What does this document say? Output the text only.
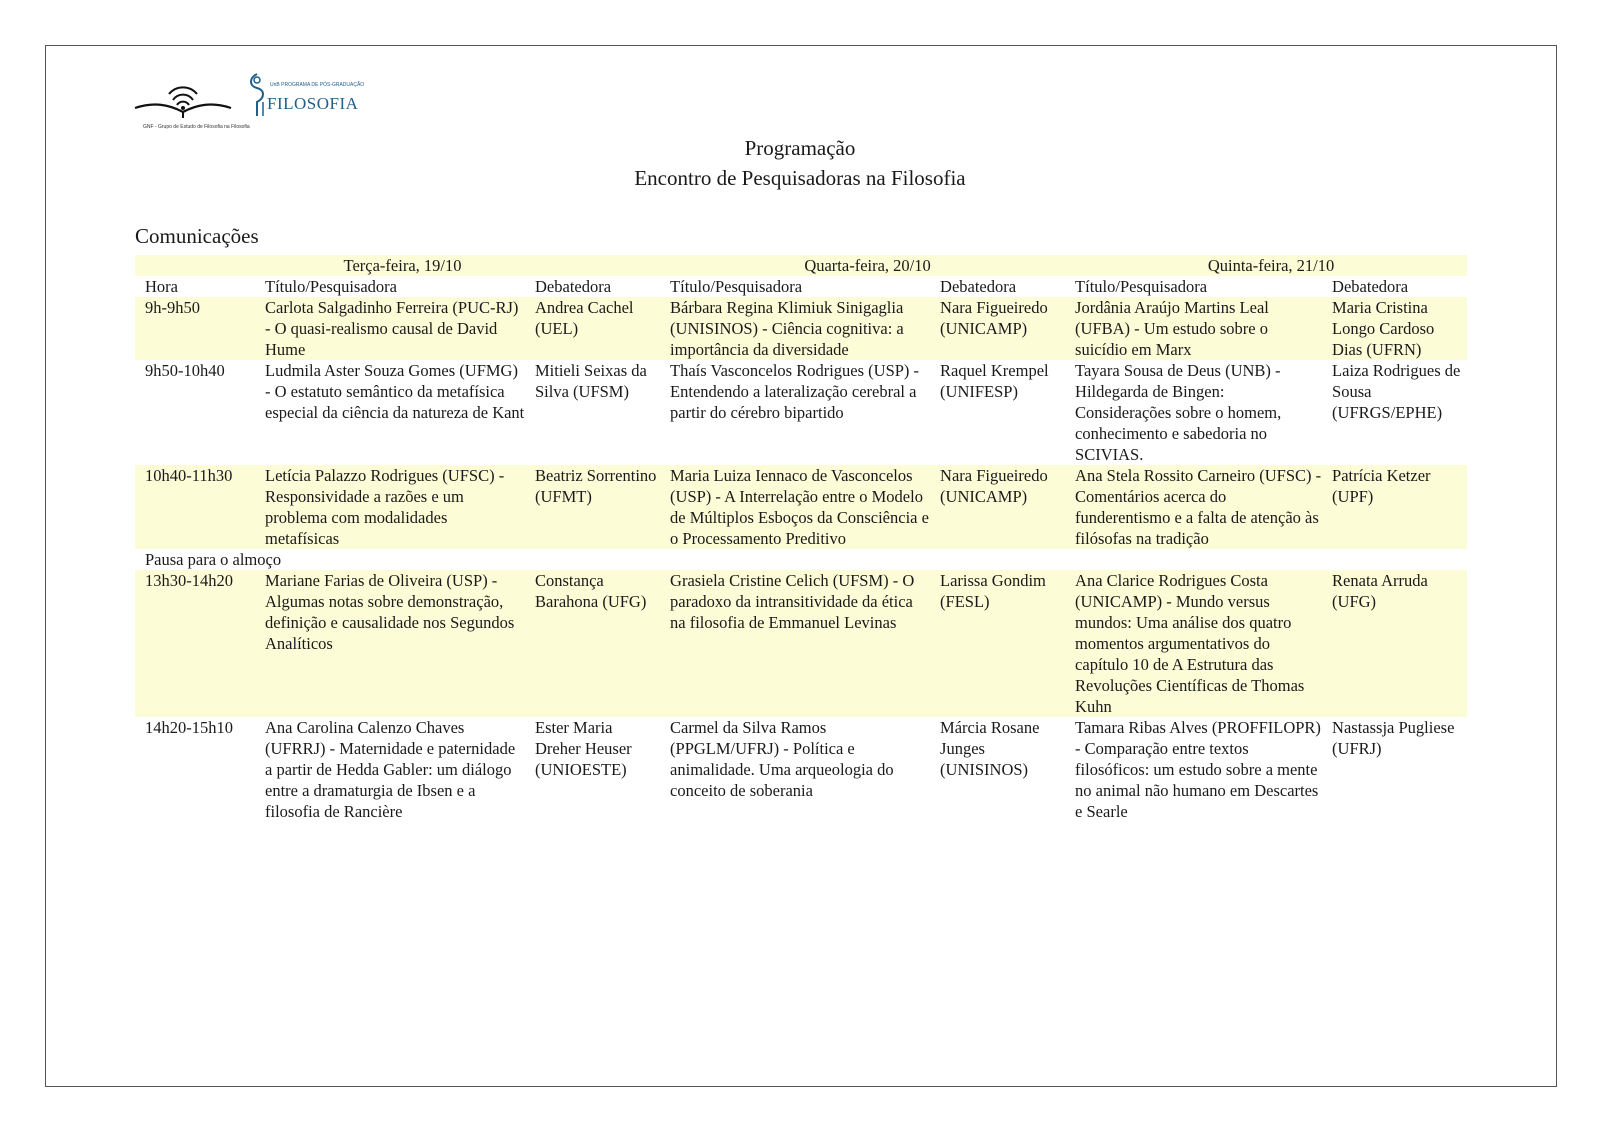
GNF - Grupo de Estudo de Filosofia na Filosofia
UnB PROGRAMA DE PÓS-GRADUAÇÃO
FILOSOFIA
Programação
Encontro de Pesquisadoras na Filosofia
Comunicações
Terça-feira, 19/10			Quarta-feira, 20/10		Quinta-feira, 21/10	
Hora	Título/Pesquisadora	Debatedora	Título/Pesquisadora	Debatedora	Título/Pesquisadora	Debatedora
9h-9h50	Carlota Salgadinho Ferreira (PUC-RJ) - O quasi-realismo causal de David Hume	Andrea Cachel (UEL)	Bárbara Regina Klimiuk Sinigaglia (UNISINOS) - Ciência cognitiva: a importância da diversidade	Nara Figueiredo (UNICAMP)	Jordânia Araújo Martins Leal (UFBA) - Um estudo sobre o suicídio em Marx	Maria Cristina Longo Cardoso Dias (UFRN)
9h50-10h40	Ludmila Aster Souza Gomes (UFMG) - O estatuto semântico da metafísica especial da ciência da natureza de Kant	Mitieli Seixas da Silva (UFSM)	Thaís Vasconcelos Rodrigues (USP) - Entendendo a lateralização cerebral a partir do cérebro bipartido	Raquel Krempel (UNIFESP)	Tayara Sousa de Deus (UNB) - Hildegarda de Bingen: Considerações sobre o homem, conhecimento e sabedoria no SCIVIAS.	Laiza Rodrigues de Sousa (UFRGS/EPHE)
10h40-11h30	Letícia Palazzo Rodrigues (UFSC) - Responsividade a razões e um problema com modalidades metafísicas	Beatriz Sorrentino (UFMT)	Maria Luiza Iennaco de Vasconcelos (USP) - A Interrelação entre o Modelo de Múltiplos Esboços da Consciência e o Processamento Preditivo	Nara Figueiredo (UNICAMP)	Ana Stela Rossito Carneiro (UFSC) - Comentários acerca do funderentismo e a falta de atenção às filósofas na tradição	Patrícia Ketzer (UPF)
Pausa para o almoço						
13h30-14h20	Mariane Farias de Oliveira (USP) - Algumas notas sobre demonstração, definição e causalidade nos Segundos Analíticos	Constança Barahona (UFG)	Grasiela Cristine Celich (UFSM) - O paradoxo da intransitividade da ética na filosofia de Emmanuel Levinas	Larissa Gondim (FESL)	Ana Clarice Rodrigues Costa (UNICAMP) - Mundo versus mundos: Uma análise dos quatro momentos argumentativos do capítulo 10 de A Estrutura das Revoluções Científicas de Thomas Kuhn	Renata Arruda (UFG)
14h20-15h10	Ana Carolina Calenzo Chaves (UFRRJ) - Maternidade e paternidade a partir de Hedda Gabler: um diálogo entre a dramaturgia de Ibsen e a filosofia de Rancière	Ester Maria Dreher Heuser (UNIOESTE)	Carmel da Silva Ramos (PPGLM/UFRJ) - Política e animalidade. Uma arqueologia do conceito de soberania	Márcia Rosane Junges (UNISINOS)	Tamara Ribas Alves (PROFFILOPR) - Comparação entre textos filosóficos: um estudo sobre a mente no animal não humano em Descartes e Searle	Nastassja Pugliese (UFRJ)
